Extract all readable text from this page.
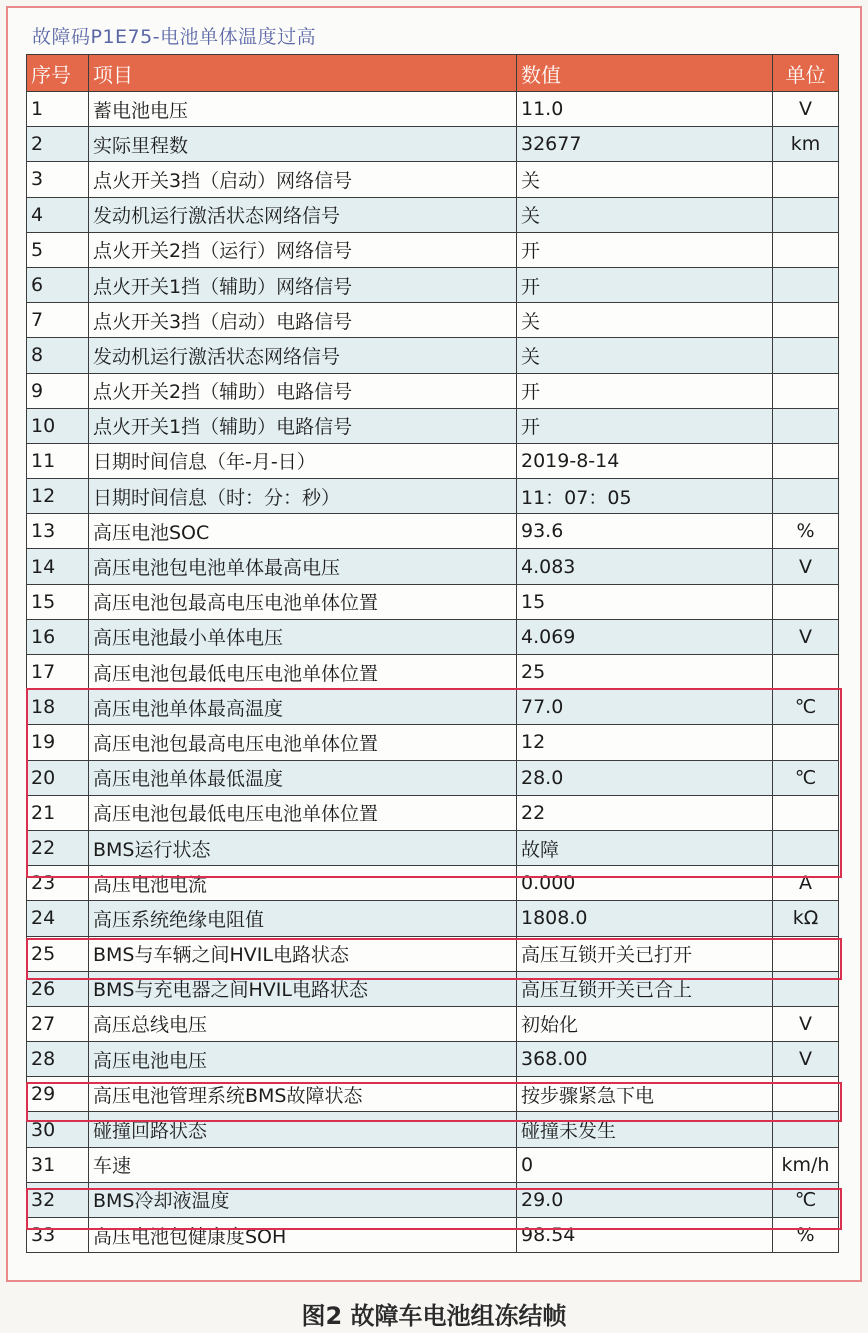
故障码P1E75-电池单体温度过高
序号	项目	数值	单位
1	蓄电池电压	11.0	V
2	实际里程数	32677	km
3	点火开关3挡（启动）网络信号	关	
4	发动机运行激活状态网络信号	关	
5	点火开关2挡（运行）网络信号	开	
6	点火开关1挡（辅助）网络信号	开	
7	点火开关3挡（启动）电路信号	关	
8	发动机运行激活状态网络信号	关	
9	点火开关2挡（辅助）电路信号	开	
10	点火开关1挡（辅助）电路信号	开	
11	日期时间信息（年-月-日）	2019-8-14	
12	日期时间信息（时：分：秒）	11：07：05	
13	高压电池SOC	93.6	%
14	高压电池包电池单体最高电压	4.083	V
15	高压电池包最高电压电池单体位置	15	
16	高压电池最小单体电压	4.069	V
17	高压电池包最低电压电池单体位置	25	
18	高压电池单体最高温度	77.0	℃
19	高压电池包最高电压电池单体位置	12	
20	高压电池单体最低温度	28.0	℃
21	高压电池包最低电压电池单体位置	22	
22	BMS运行状态	故障	
23	高压电池电流	0.000	A
24	高压系统绝缘电阻值	1808.0	kΩ
25	BMS与车辆之间HVIL电路状态	高压互锁开关已打开	
26	BMS与充电器之间HVIL电路状态	高压互锁开关已合上	
27	高压总线电压	初始化	V
28	高压电池电压	368.00	V
29	高压电池管理系统BMS故障状态	按步骤紧急下电	
30	碰撞回路状态	碰撞未发生	
31	车速	0	km/h
32	BMS冷却液温度	29.0	℃
33	高压电池包健康度SOH	98.54	%

图2 故障车电池组冻结帧
